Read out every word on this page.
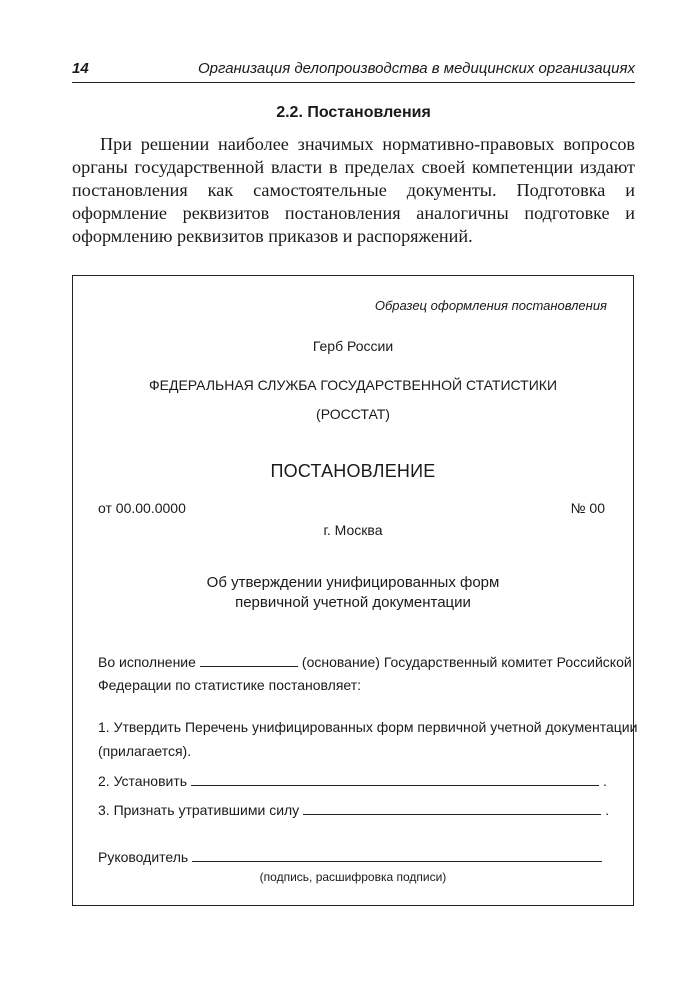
14	Организация делопроизводства в медицинских организациях
2.2. Постановления

При решении наиболее значимых нормативно-правовых вопросов органы государственной власти в пределах своей компетенции издают постановления как самостоятельные документы. Подготовка и оформление реквизитов постановления аналогичны подготовке и оформлению реквизитов приказов и распоряжений.

Образец оформления постановления
Герб России
ФЕДЕРАЛЬНАЯ СЛУЖБА ГОСУДАРСТВЕННОЙ СТАТИСТИКИ
(РОССТАТ)
ПОСТАНОВЛЕНИЕ
от 00.00.0000	№ 00
г. Москва
Об утверждении унифицированных форм
первичной учетной документации
Во исполнение	(основание) Государственный комитет Российской
Федерации по статистике постановляет:
1. Утвердить Перечень унифицированных форм первичной учетной документации
(прилагается).
2. Установить	.
3. Признать утратившими силу	.
Руководитель
(подпись, расшифровка подписи)
